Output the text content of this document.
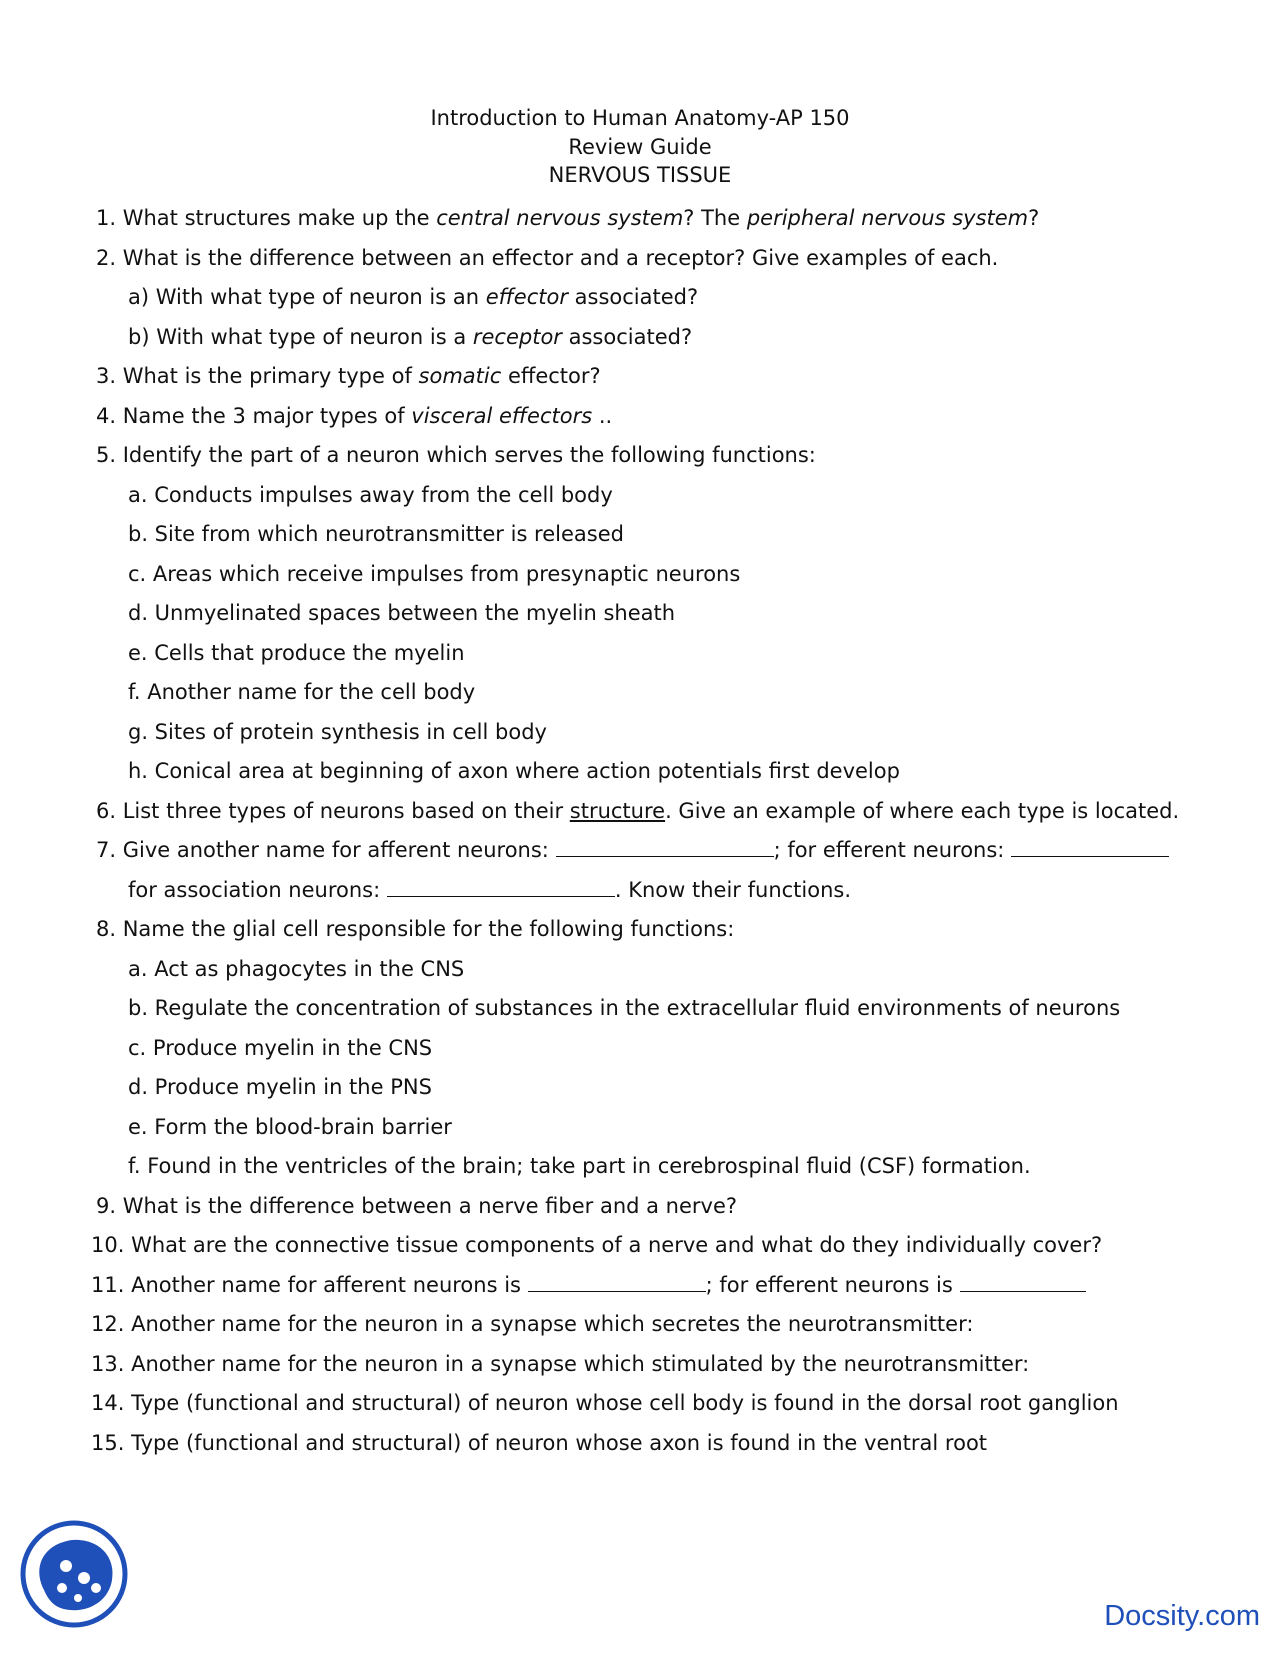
Introduction to Human Anatomy-AP 150
Review Guide
NERVOUS TISSUE
1. What structures make up the central nervous system? The peripheral nervous system?
2. What is the difference between an effector and a receptor? Give examples of each.
a) With what type of neuron is an effector associated?
b) With what type of neuron is a receptor associated?
3. What is the primary type of somatic effector?
4. Name the 3 major types of visceral effectors ..
5. Identify the part of a neuron which serves the following functions:
a. Conducts impulses away from the cell body
b. Site from which neurotransmitter is released
c. Areas which receive impulses from presynaptic neurons
d. Unmyelinated spaces between the myelin sheath
e. Cells that produce the myelin
f. Another name for the cell body
g. Sites of protein synthesis in cell body
h. Conical area at beginning of axon where action potentials first develop
6. List three types of neurons based on their structure. Give an example of where each type is located.
7. Give another name for afferent neurons:	; for efferent neurons:
for association neurons:	. Know their functions.
8. Name the glial cell responsible for the following functions:
a. Act as phagocytes in the CNS
b. Regulate the concentration of substances in the extracellular fluid environments of neurons
c. Produce myelin in the CNS
d. Produce myelin in the PNS
e. Form the blood-brain barrier
f. Found in the ventricles of the brain; take part in cerebrospinal fluid (CSF) formation.
9. What is the difference between a nerve fiber and a nerve?
10. What are the connective tissue components of a nerve and what do they individually cover?
11. Another name for afferent neurons is	; for efferent neurons is
12. Another name for the neuron in a synapse which secretes the neurotransmitter:
13. Another name for the neuron in a synapse which stimulated by the neurotransmitter:
14. Type (functional and structural) of neuron whose cell body is found in the dorsal root ganglion
15. Type (functional and structural) of neuron whose axon is found in the ventral root
Docsity.com
